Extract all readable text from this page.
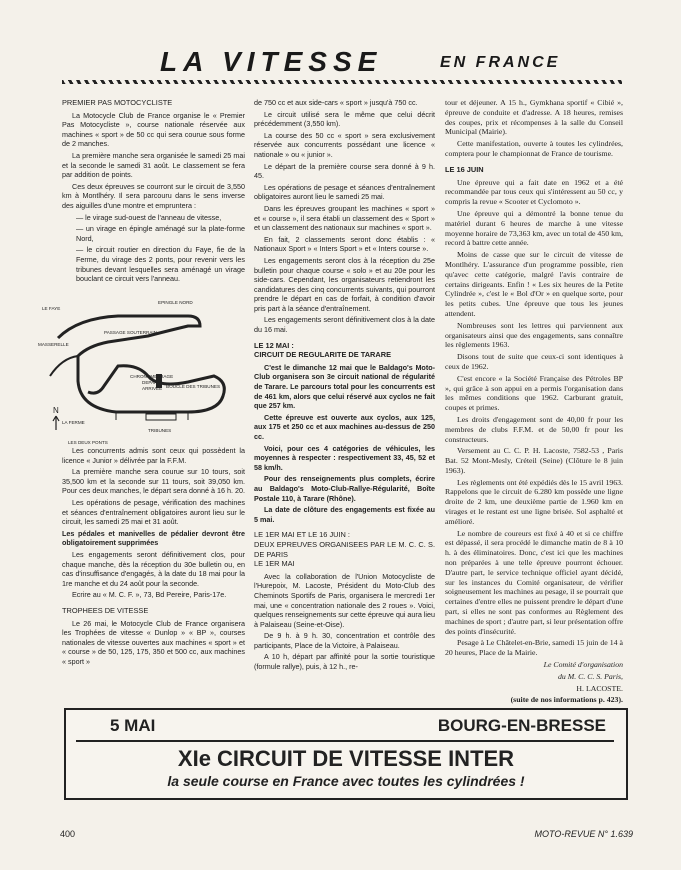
LA VITESSE	EN FRANCE

PREMIER PAS MOTOCYCLISTE

La Motocycle Club de France organise le « Premier Pas Motocycliste », course nationale réservée aux machines « sport » de 50 cc qui sera courue sous forme de 2 manches.

La première manche sera organisée le samedi 25 mai et la seconde le samedi 31 août. Le classement se fera par addition de points.

Ces deux épreuves se courront sur le circuit de 3,550 km à Montlhéry. Il sera parcouru dans le sens inverse des aiguilles d'une montre et empruntera :

— le virage sud-ouest de l'anneau de vitesse,

— un virage en épingle aménagé sur la plate-forme Nord,

— le circuit routier en direction du Faye, fie de la Ferme, du virage des 2 ponts, pour revenir vers les tribunes devant lesquelles sera aménagé un virage bouclant ce circuit vers l'anneau.

LE FAYE
EPINGLE NORD
PASSAGE SOUTERRAIN
MASSERELLE
CHRONOMETRAGE
DEPART
ARRIVEE BOUCLE DES TRIBUNES
N
LA FERME
LES DEUX PONTS
TRIBUNES

Les concurrents admis sont ceux qui possèdent la licence « Junior » délivrée par la F.F.M.

La première manche sera courue sur 10 tours, soit 35,500 km et la seconde sur 11 tours, soit 39,050 km. Pour ces deux manches, le départ sera donné à 16 h. 20.

Les opérations de pesage, vérification des machines et séances d'entraînement obligatoires auront lieu sur le circuit, les samedi 25 mai et 31 août.

Les pédales et manivelles de pédalier devront être obligatoirement supprimées

Les engagements seront définitivement clos, pour chaque manche, dès la réception du 30e bulletin ou, en cas d'insuffisance d'engagés, à la date du 18 mai pour la 1re manche et du 24 août pour la seconde.

Ecrire au « M. C. F. », 73, Bd Pereire, Paris-17e.

TROPHEES DE VITESSE

Le 26 mai, le Motocycle Club de France organisera les Trophées de vitesse « Dunlop » « BP », courses nationales de vitesse ouvertes aux machines « sport » et « course » de 50, 125, 175, 350 et 500 cc, aux machines « sport »

de 750 cc et aux side-cars « sport » jusqu'à 750 cc.

Le circuit utilisé sera le même que celui décrit précédemment (3,550 km).

La course des 50 cc « sport » sera exclusivement réservée aux concurrents possédant une licence « nationale » ou « junior ».

Le départ de la première course sera donné à 9 h. 45.

Les opérations de pesage et séances d'entraînement obligatoires auront lieu le samedi 25 mai.

Dans les épreuves groupant les machines « sport » et « course », il sera établi un classement des « Sport » et un classement des nationaux sur machines « sport ».

En fait, 2 classements seront donc établis : « Nationaux Sport » « Inters Sport » et « Inters course ».

Les engagements seront clos à la réception du 25e bulletin pour chaque course « solo » et au 20e pour les side-cars. Cependant, les organisateurs retiendront les candidatures des cinq concurrents suivants, qui pourront prendre le départ en cas de forfait, à condition d'avoir pris part à la séance d'entraînement.

Les engagements seront définitivement clos à la date du 16 mai.

LE 12 MAI :

CIRCUIT DE REGULARITE DE TARARE

C'est le dimanche 12 mai que le Baldago's Moto-Club organisera son 3e circuit national de régularité de Tarare. Le parcours total pour les concurrents est de 461 km, alors que celui réservé aux cyclos ne fait que 257 km.

Cette épreuve est ouverte aux cyclos, aux 125, aux 175 et 250 cc et aux machines au-dessus de 250 cc.

Voici, pour ces 4 catégories de véhicules, les moyennes à respecter : respectivement 33, 45, 52 et 58 km/h.

Pour des renseignements plus complets, écrire au Baldago's Moto-Club-Rallye-Régularité, Boîte Postale 110, à Tarare (Rhône).

La date de clôture des engagements est fixée au 5 mai.

LE 1ER MAI ET LE 16 JUIN :

DEUX EPREUVES ORGANISEES PAR LE M. C. C. S. DE PARIS

LE 1ER MAI

Avec la collaboration de l'Union Motocycliste de l'Hurepoix, M. Lacoste, Président du Moto-Club des Cheminots Sportifs de Paris, organisera le mercredi 1er mai, une « concentration nationale des 2 roues ». Voici, quelques renseignements sur cette épreuve qui aura lieu à Palaiseau (Seine-et-Oise).

De 9 h. à 9 h. 30, concentration et contrôle des participants, Place de la Victoire, à Palaiseau.

A 10 h, départ par affinité pour la sortie touristique (formule rallye), puis, à 12 h., re-

tour et déjeuner. A 15 h., Gymkhana sportif « Cibié », épreuve de conduite et d'adresse. A 18 heures, remises des coupes, prix et récompenses à la salle du Conseil Municipal (Mairie).

Cette manifestation, ouverte à toutes les cylindrées, comptera pour le championnat de France de tourisme.

LE 16 JUIN

Une épreuve qui a fait date en 1962 et a été recommandée par tous ceux qui s'intéressent au 50 cc, y compris la revue « Scooter et Cyclomoto ».

Une épreuve qui a démontré la bonne tenue du matériel durant 6 heures de marche à une vitesse moyenne horaire de 73,363 km, avec un total de 450 km, record à battre cette année.

Moins de casse que sur le circuit de vitesse de Montlhéry. L'assurance d'un programme possible, rien qu'avec cette catégorie, malgré l'avis contraire de certains dirigeants. Enfin ! « Les six heures de la Petite Cylindrée », c'est le « Bol d'Or » en quelque sorte, pour les petits cubes. Une épreuve que tous les jeunes attendent.

Nombreuses sont les lettres qui parviennent aux organisateurs ainsi que des engagements, sans connaître les règlements 1963.

Disons tout de suite que ceux-ci sont identiques à ceux de 1962.

C'est encore « la Société Française des Pétroles BP », qui grâce à son appui en a permis l'organisation dans les mêmes conditions que 1962. Carburant gratuit, coupes et primes.

Les droits d'engagement sont de 40,00 fr pour les membres de clubs F.F.M. et de 50,00 fr pour les constructeurs.

Versement au C. C. P. H. Lacoste, 7582-53 , Paris Bat. 52 Mont-Mesly, Créteil (Seine) (Clôture le 8 juin 1963).

Les règlements ont été expédiés dès le 15 avril 1963. Rappelons que le circuit de 6.280 km possède une ligne droite de 2 km, une deuxième partie de 1.960 km en virages et le restant est une ligne brisée. Sol asphalté et amélioré.

Le nombre de coureurs est fixé à 40 et si ce chiffre est dépassé, il sera procédé le dimanche matin de 8 à 10 h. à des éliminatoires. Donc, c'est ici que les machines non préparées à une telle épreuve pourront échouer. D'autre part, le service technique officiel ayant décidé, sur les instances du Comité organisateur, de vérifier soigneusement les machines au pesage, il se pourrait que certaines d'entre elles ne puissent prendre le départ d'une part, si elles ne sont pas conformes au Règlement des machines de sport ; d'autre part, si leur présentation offre des points d'insécurité.

Pesage à Le Châtelet-en-Brie, samedi 15 juin de 14 à 20 heures, Place de la Mairie.

Le Comité d'organisation

du M. C. C. S. Paris,

H. LACOSTE.

(suite de nos informations p. 423).

5 MAI	BOURG-EN-BRESSE
XIe CIRCUIT DE VITESSE INTER
la seule course en France avec toutes les cylindrées !
400	MOTO-REVUE N° 1.639
